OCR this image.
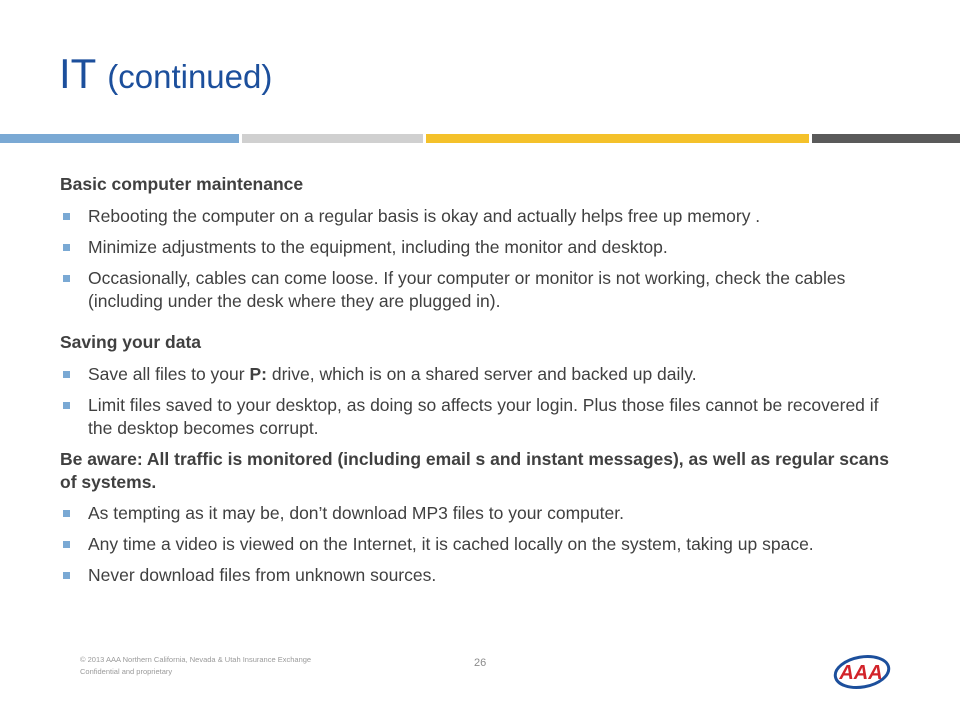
IT (continued)
Basic computer maintenance
Rebooting the computer on a regular basis is okay and actually helps free up memory .
Minimize adjustments to the equipment, including the monitor and desktop.
Occasionally, cables can come loose. If your computer or monitor is not working, check the cables (including under the desk where they are plugged in).
Saving your data
Save all files to your P: drive, which is on a shared server and backed up daily.
Limit files saved to your desktop, as doing so affects your login. Plus those files cannot be recovered if the desktop becomes corrupt.
Be aware: All traffic is monitored (including email s and instant messages), as well as regular scans of systems.
As tempting as it may be, don’t download MP3 files to your computer.
Any time a video is viewed on the Internet, it is cached locally on the system, taking up space.
Never download files from unknown sources.
© 2013 AAA Northern California, Nevada & Utah Insurance Exchange
Confidential and proprietary
26	AAA
